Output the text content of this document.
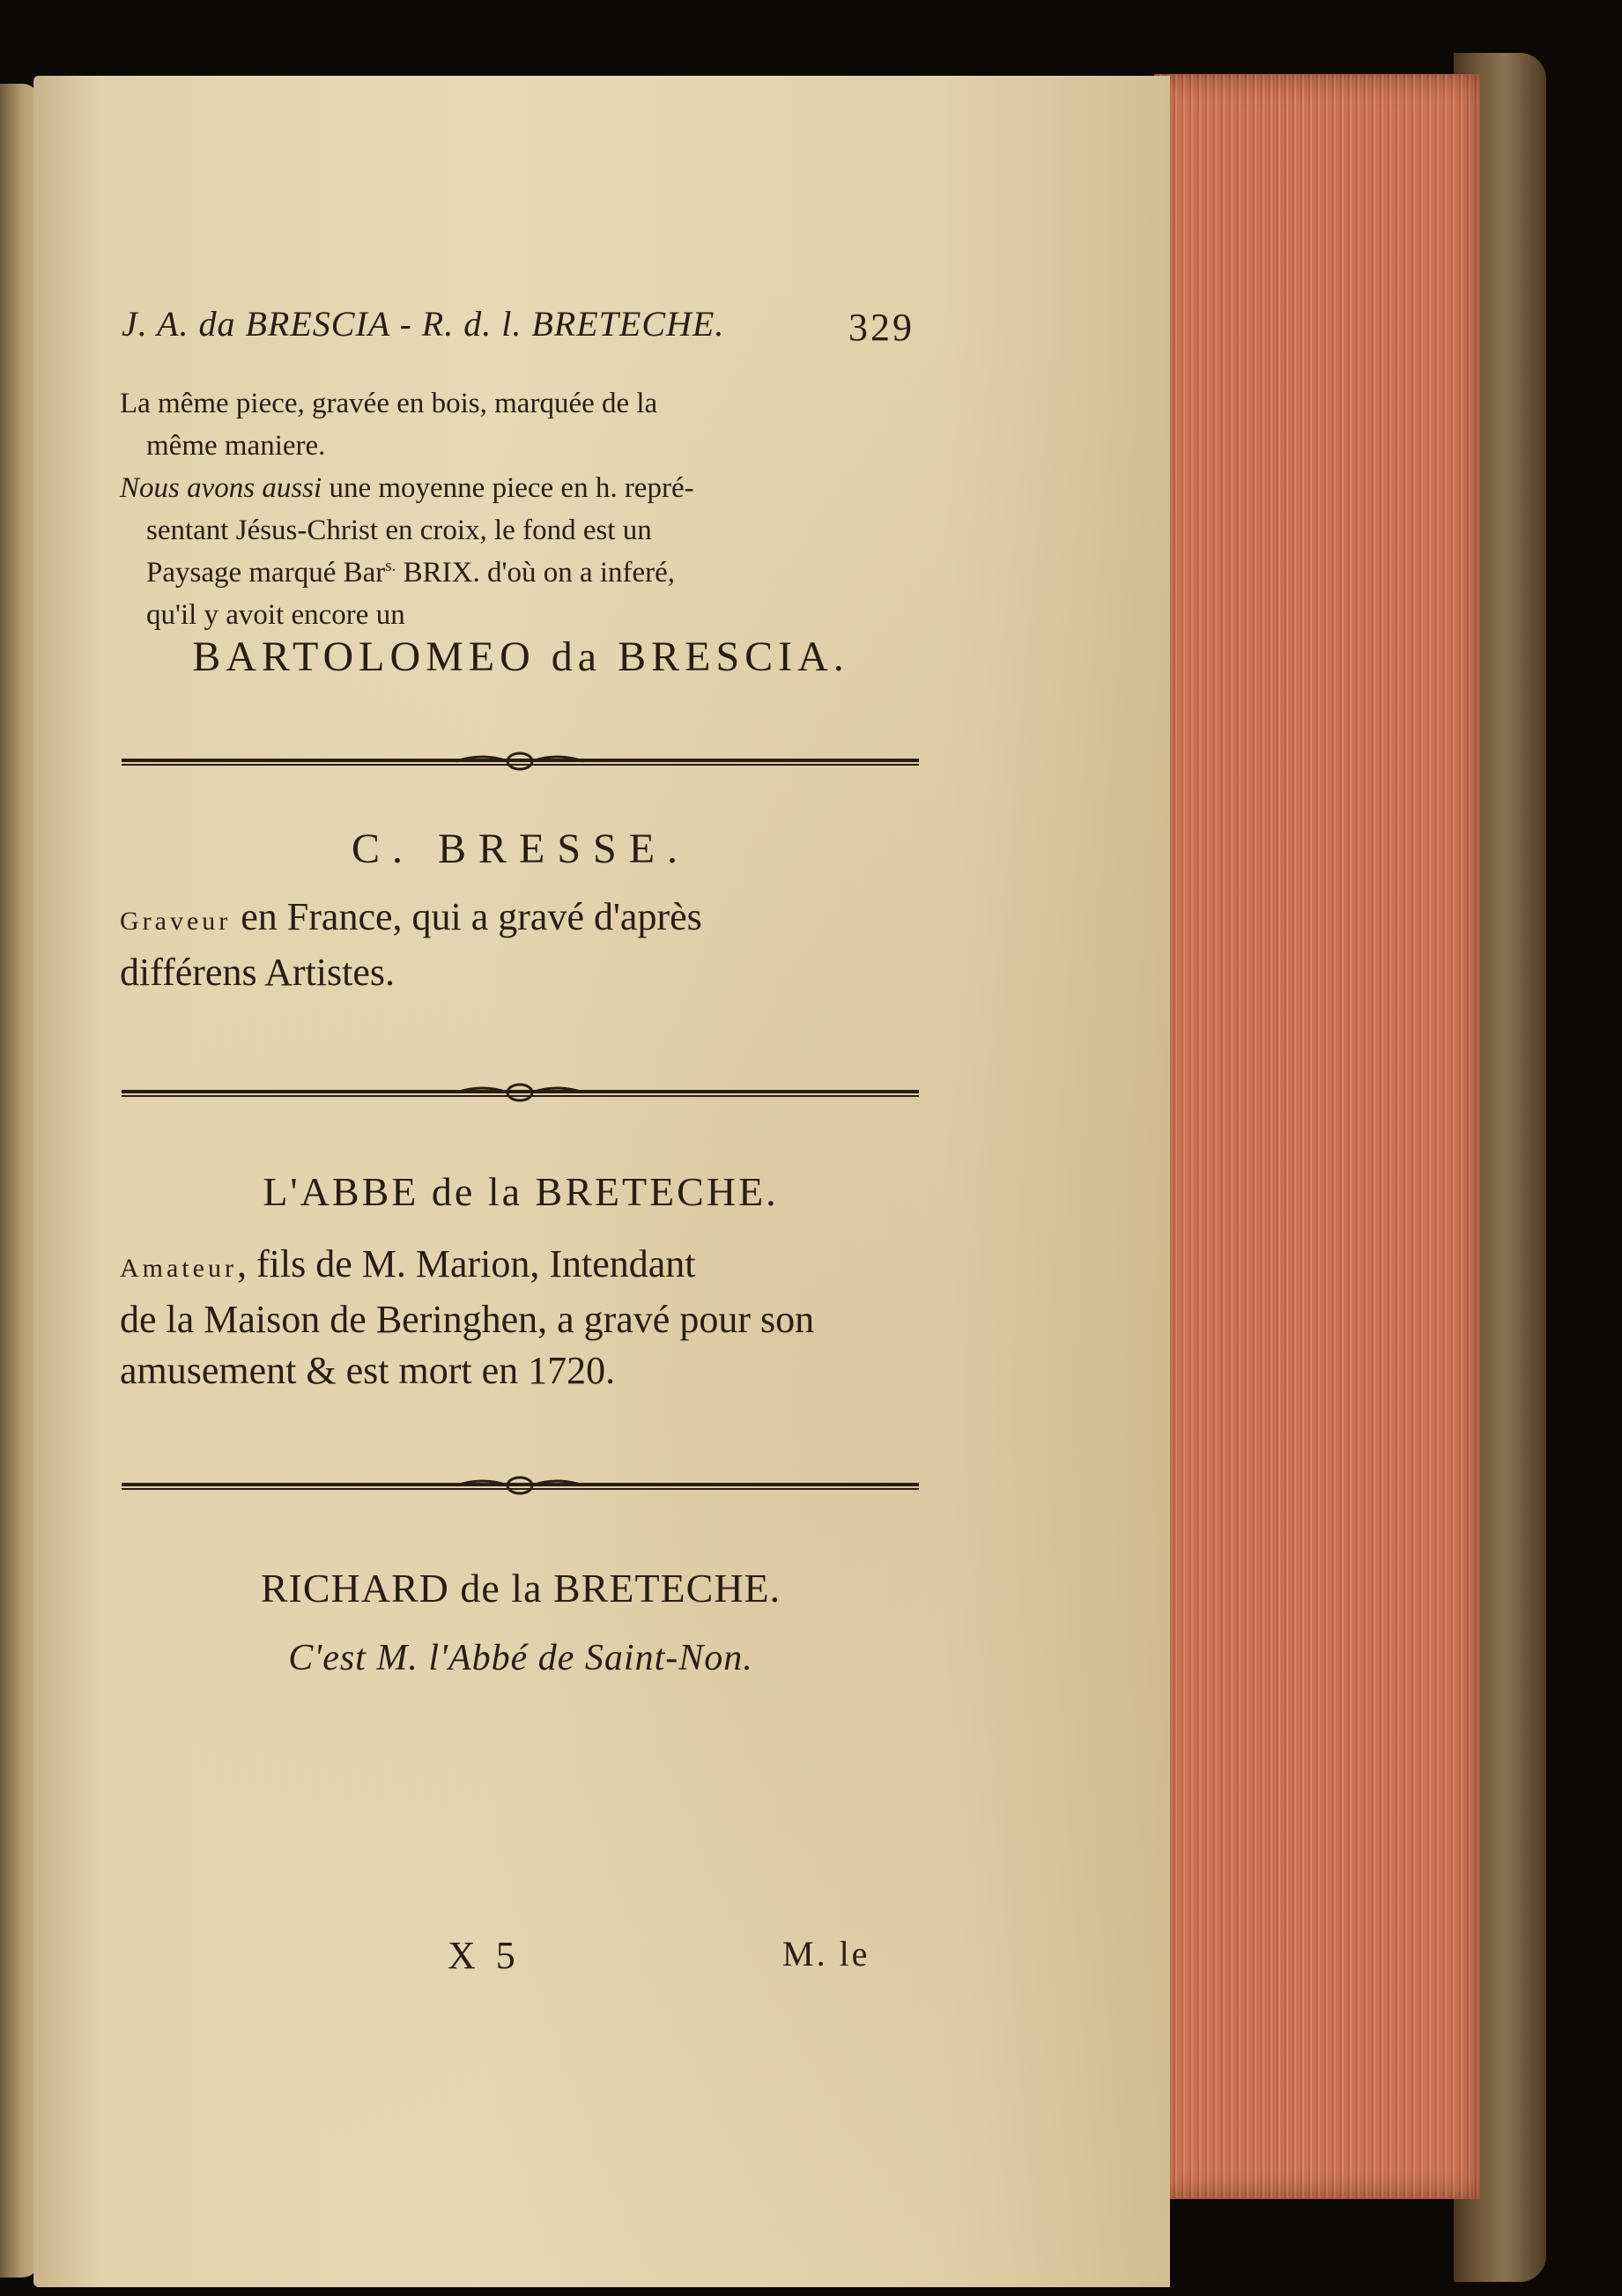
J. A. da BRESCIA - R. d. l. BRETECHE.	329

La même piece, gravée en bois, marquée de la

même maniere.

Nous avons aussi une moyenne piece en h. repré-

sentant Jésus-Christ en croix, le fond est un

Paysage marqué Bar$^{s.}$ BRIX. d'où on a inferé,

qu'il y avoit encore un

BARTOLOMEO da BRESCIA.
C. BRESSE.
Graveur en France, qui a gravé d'après
différens Artistes.
L'ABBE de la BRETECHE.
Amateur, fils de M. Marion, Intendant
de la Maison de Beringhen, a gravé pour son
amusement & est mort en 1720.
RICHARD de la BRETECHE.
C'est M. l'Abbé de Saint-Non.
X 5	M. le
